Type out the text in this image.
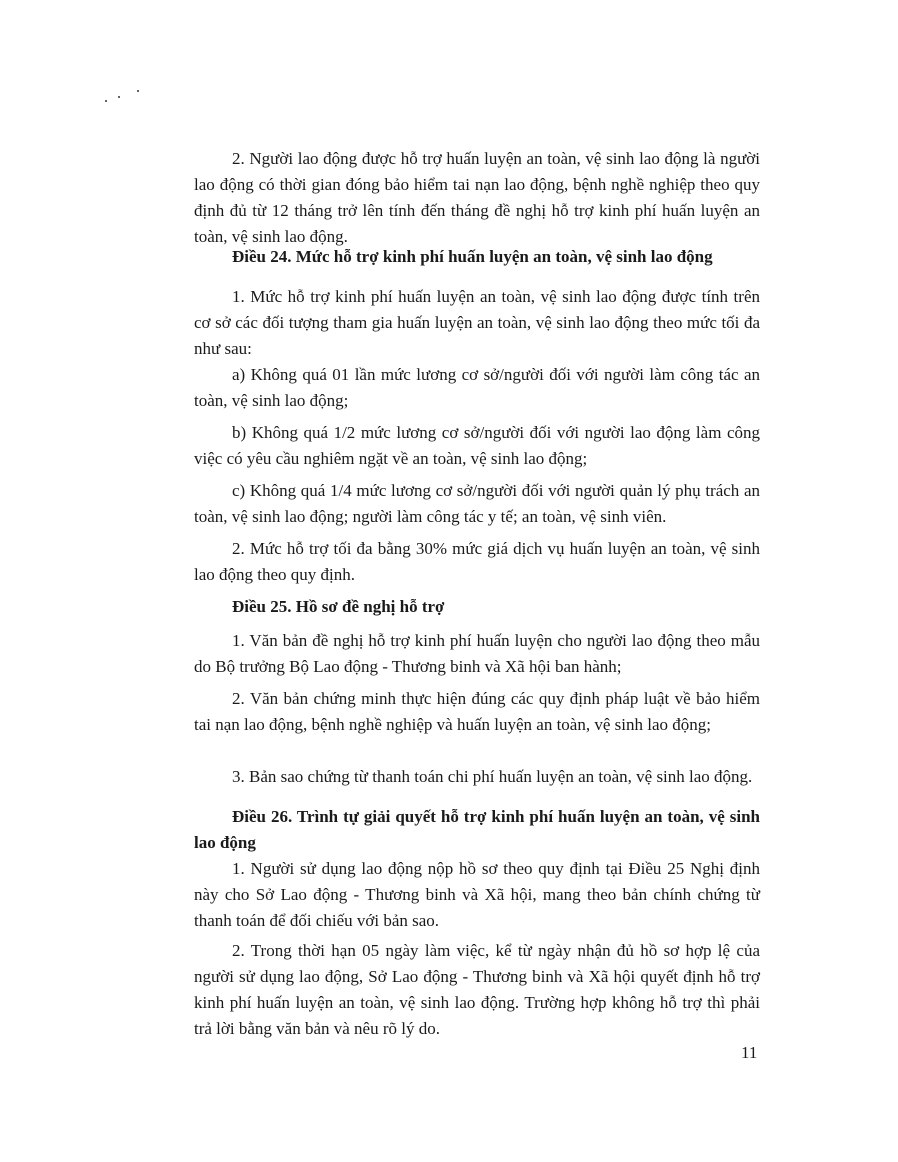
2. Người lao động được hỗ trợ huấn luyện an toàn, vệ sinh lao động là người lao động có thời gian đóng bảo hiểm tai nạn lao động, bệnh nghề nghiệp theo quy định đủ từ 12 tháng trở lên tính đến tháng đề nghị hỗ trợ kinh phí huấn luyện an toàn, vệ sinh lao động.

Điều 24. Mức hỗ trợ kinh phí huấn luyện an toàn, vệ sinh lao động

1. Mức hỗ trợ kinh phí huấn luyện an toàn, vệ sinh lao động được tính trên cơ sở các đối tượng tham gia huấn luyện an toàn, vệ sinh lao động theo mức tối đa như sau:

a) Không quá 01 lần mức lương cơ sở/người đối với người làm công tác an toàn, vệ sinh lao động;

b) Không quá 1/2 mức lương cơ sở/người đối với người lao động làm công việc có yêu cầu nghiêm ngặt về an toàn, vệ sinh lao động;

c) Không quá 1/4 mức lương cơ sở/người đối với người quản lý phụ trách an toàn, vệ sinh lao động; người làm công tác y tế; an toàn, vệ sinh viên.

2. Mức hỗ trợ tối đa bằng 30% mức giá dịch vụ huấn luyện an toàn, vệ sinh lao động theo quy định.

Điều 25. Hồ sơ đề nghị hỗ trợ

1. Văn bản đề nghị hỗ trợ kinh phí huấn luyện cho người lao động theo mẫu do Bộ trưởng Bộ Lao động - Thương binh và Xã hội ban hành;

2. Văn bản chứng minh thực hiện đúng các quy định pháp luật về bảo hiểm tai nạn lao động, bệnh nghề nghiệp và huấn luyện an toàn, vệ sinh lao động;

3. Bản sao chứng từ thanh toán chi phí huấn luyện an toàn, vệ sinh lao động.

Điều 26. Trình tự giải quyết hỗ trợ kinh phí huấn luyện an toàn, vệ sinh lao động

1. Người sử dụng lao động nộp hồ sơ theo quy định tại Điều 25 Nghị định này cho Sở Lao động - Thương binh và Xã hội, mang theo bản chính chứng từ thanh toán để đối chiếu với bản sao.

2. Trong thời hạn 05 ngày làm việc, kể từ ngày nhận đủ hồ sơ hợp lệ của người sử dụng lao động, Sở Lao động - Thương binh và Xã hội quyết định hỗ trợ kinh phí huấn luyện an toàn, vệ sinh lao động. Trường hợp không hỗ trợ thì phải trả lời bằng văn bản và nêu rõ lý do.

11
